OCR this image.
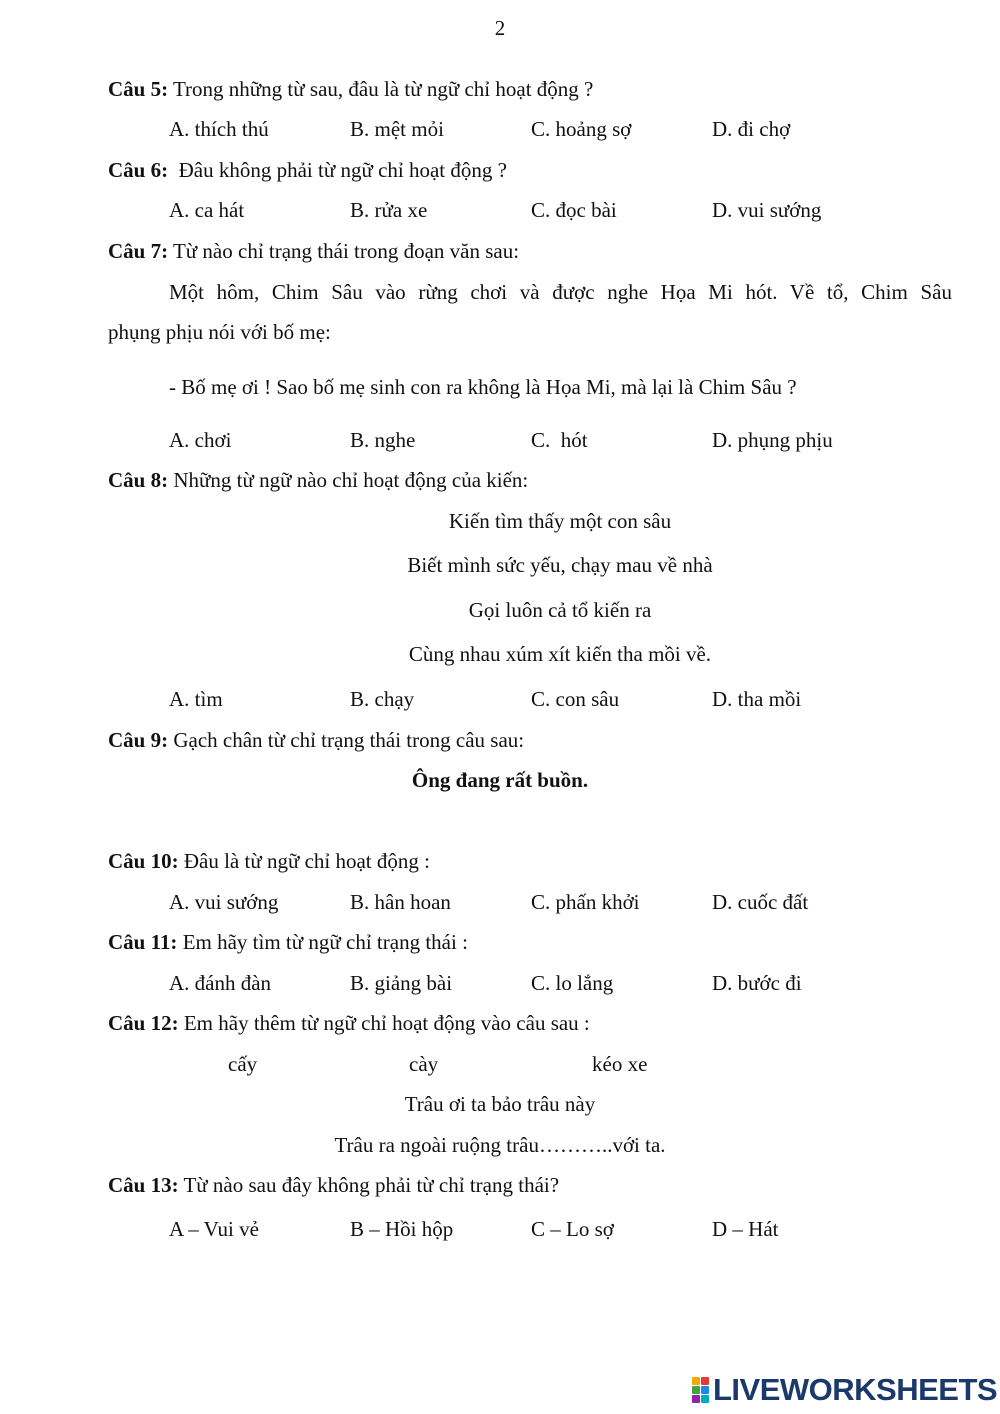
2
Câu 5: Trong những từ sau, đâu là từ ngữ chỉ hoạt động ?
A. thích thú	B. mệt mỏi	C. hoảng sợ	D. đi chợ
Câu 6:  Đâu không phải từ ngữ chỉ hoạt động ?
A. ca hát	B. rửa xe	C. đọc bài	D. vui sướng
Câu 7: Từ nào chỉ trạng thái trong đoạn văn sau:
Một hôm, Chim Sâu vào rừng chơi và được nghe Họa Mi hót. Về tổ, Chim Sâu
phụng phịu nói với bố mẹ:
- Bố mẹ ơi ! Sao bố mẹ sinh con ra không là Họa Mi, mà lại là Chim Sâu ?
A. chơi	B. nghe	C.  hót	D. phụng phịu
Câu 8: Những từ ngữ nào chỉ hoạt động của kiến:
Kiến tìm thấy một con sâu
Biết mình sức yếu, chạy mau về nhà
Gọi luôn cả tổ kiến ra
Cùng nhau xúm xít kiến tha mồi về.
A. tìm	B. chạy	C. con sâu	D. tha mồi
Câu 9: Gạch chân từ chỉ trạng thái trong câu sau:
Ông đang rất buồn.
Câu 10: Đâu là từ ngữ chỉ hoạt động :
A. vui sướng	B. hân hoan	C. phấn khởi	D. cuốc đất
Câu 11: Em hãy tìm từ ngữ chỉ trạng thái :
A. đánh đàn	B. giảng bài	C. lo lắng	D. bước đi
Câu 12: Em hãy thêm từ ngữ chỉ hoạt động vào câu sau :
cấy	cày	kéo xe
Trâu ơi ta bảo trâu này
Trâu ra ngoài ruộng trâu………..với ta.
Câu 13: Từ nào sau đây không phải từ chỉ trạng thái?
A – Vui vẻ	B – Hồi hộp	C – Lo sợ	D – Hát
LIVEWORKSHEETS
